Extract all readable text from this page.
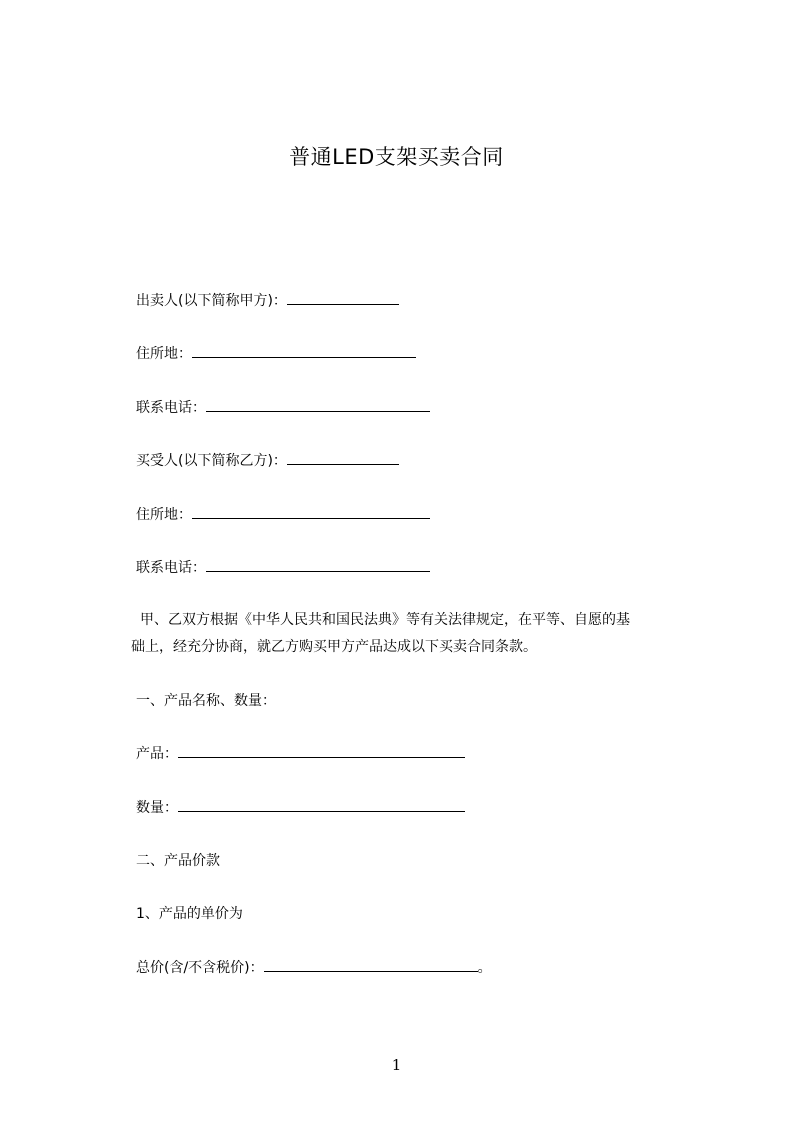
普通LED支架买卖合同
出卖人(以下简称甲方)：
住所地：
联系电话：
买受人(以下简称乙方)：
住所地：
联系电话：
甲、乙双方根据《中华人民共和国民法典》等有关法律规定，在平等、自愿的基
础上，经充分协商，就乙方购买甲方产品达成以下买卖合同条款。
一、产品名称、数量：
产品：
数量：
二、产品价款
1、产品的单价为
总价(含/不含税价)：	。
1
